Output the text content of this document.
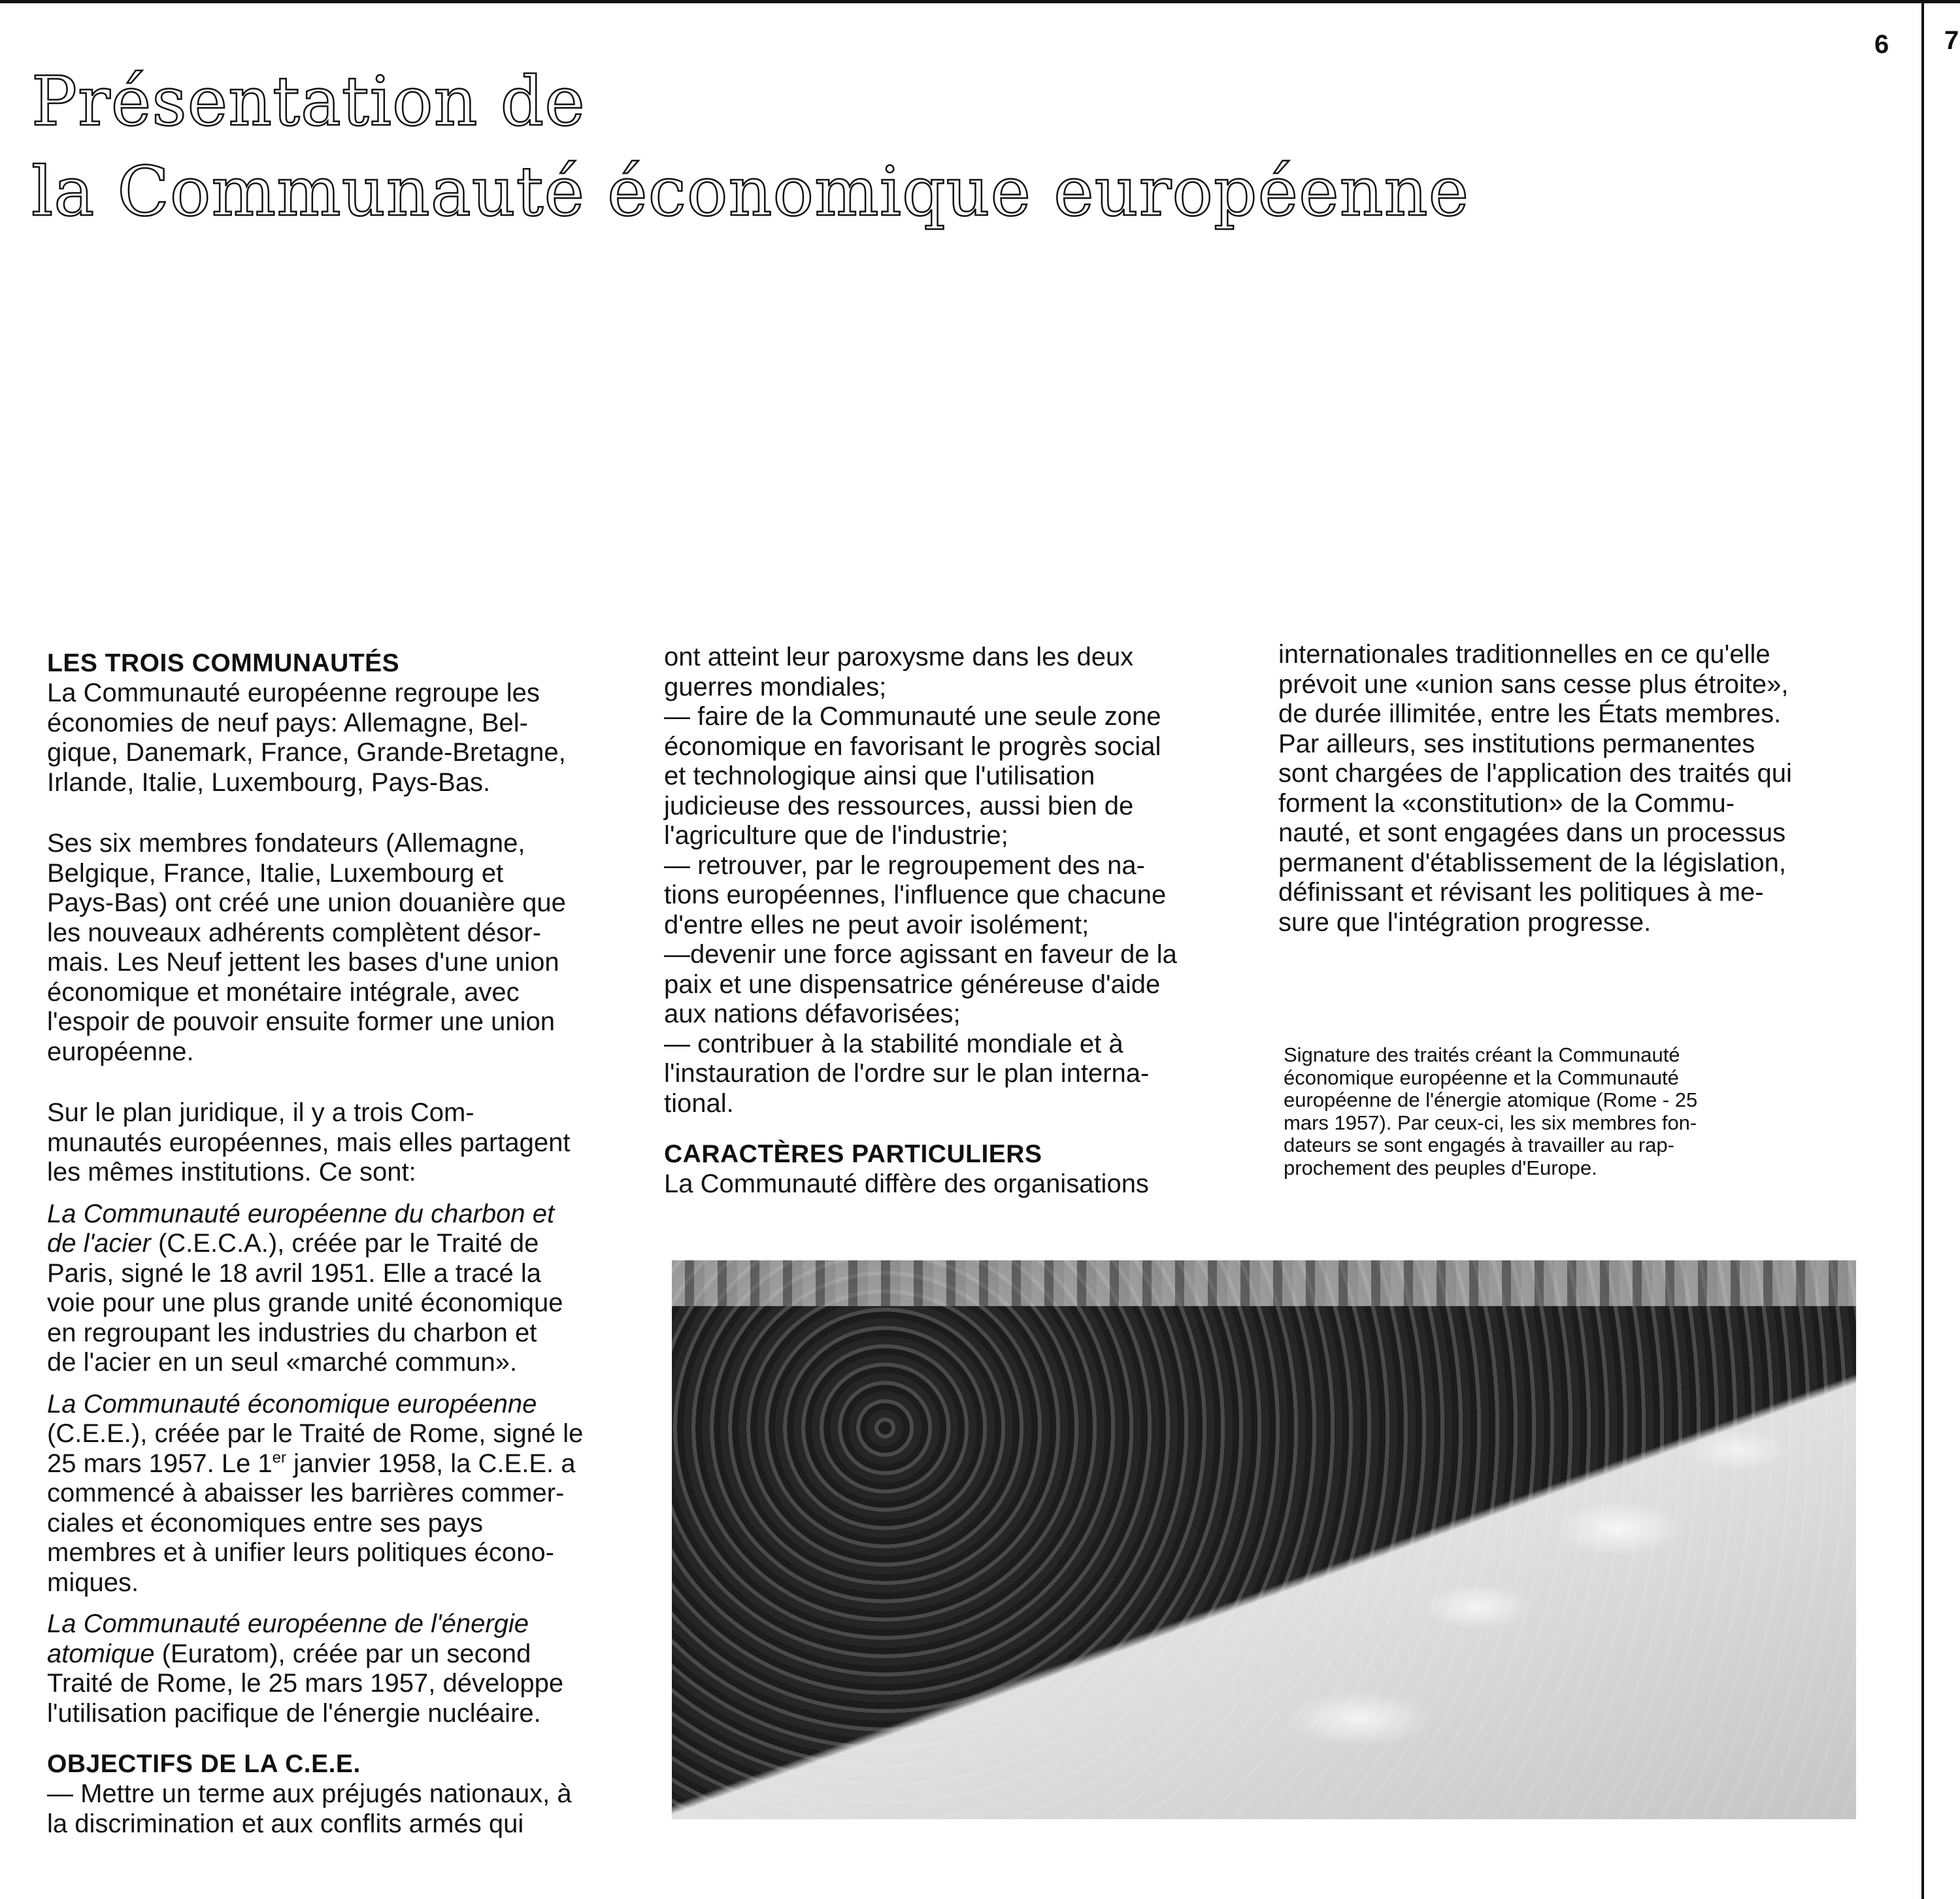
6 7
Présentation de
la Communauté économique européenne
LES TROIS COMMUNAUTÉS

La Communauté européenne regroupe les

économies de neuf pays: Allemagne, Bel-

gique, Danemark, France, Grande-Bretagne,

Irlande, Italie, Luxembourg, Pays-Bas.

Ses six membres fondateurs (Allemagne,

Belgique, France, Italie, Luxembourg et

Pays-Bas) ont créé une union douanière que

les nouveaux adhérents complètent désor-

mais. Les Neuf jettent les bases d'une union

économique et monétaire intégrale, avec

l'espoir de pouvoir ensuite former une union

européenne.

Sur le plan juridique, il y a trois Com-

munautés européennes, mais elles partagent

les mêmes institutions. Ce sont:

La Communauté européenne du charbon et

de l'acier (C.E.C.A.), créée par le Traité de

Paris, signé le 18 avril 1951. Elle a tracé la

voie pour une plus grande unité économique

en regroupant les industries du charbon et

de l'acier en un seul «marché commun».

La Communauté économique européenne

(C.E.E.), créée par le Traité de Rome, signé le

25 mars 1957. Le 1er janvier 1958, la C.E.E. a

commencé à abaisser les barrières commer-

ciales et économiques entre ses pays

membres et à unifier leurs politiques écono-

miques.

La Communauté européenne de l'énergie

atomique (Euratom), créée par un second

Traité de Rome, le 25 mars 1957, développe

l'utilisation pacifique de l'énergie nucléaire.

OBJECTIFS DE LA C.E.E.

— Mettre un terme aux préjugés nationaux, à

la discrimination et aux conflits armés qui

ont atteint leur paroxysme dans les deux

guerres mondiales;

— faire de la Communauté une seule zone

économique en favorisant le progrès social

et technologique ainsi que l'utilisation

judicieuse des ressources, aussi bien de

l'agriculture que de l'industrie;

— retrouver, par le regroupement des na-

tions européennes, l'influence que chacune

d'entre elles ne peut avoir isolément;

—devenir une force agissant en faveur de la

paix et une dispensatrice généreuse d'aide

aux nations défavorisées;

— contribuer à la stabilité mondiale et à

l'instauration de l'ordre sur le plan interna-

tional.

CARACTÈRES PARTICULIERS

La Communauté diffère des organisations

internationales traditionnelles en ce qu'elle

prévoit une «union sans cesse plus étroite»,

de durée illimitée, entre les États membres.

Par ailleurs, ses institutions permanentes

sont chargées de l'application des traités qui

forment la «constitution» de la Commu-

nauté, et sont engagées dans un processus

permanent d'établissement de la législation,

définissant et révisant les politiques à me-

sure que l'intégration progresse.

Signature des traités créant la Communauté

économique européenne et la Communauté

européenne de l'énergie atomique (Rome - 25

mars 1957). Par ceux-ci, les six membres fon-

dateurs se sont engagés à travailler au rap-

prochement des peuples d'Europe.
